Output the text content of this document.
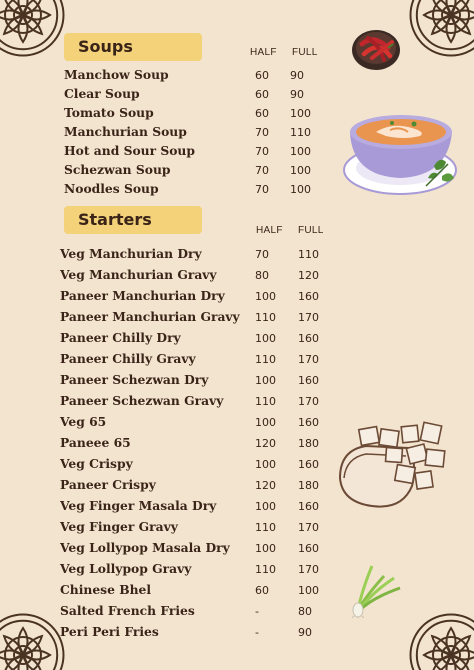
Soups	HALF FULL
Manchow Soup	60 90
Clear Soup	60 90
Tomato Soup	60 100
Manchurian Soup	70 110
Hot and Sour Soup	70 100
Schezwan Soup	70 100
Noodles Soup	70 100
Starters
HALF FULL
Veg Manchurian Dry	70	110
Veg Manchurian Gravy	80	120
Paneer Manchurian Dry	100 160
Paneer Manchurian Gravy 110 170
Paneer Chilly Dry	100 160
Paneer Chilly Gravy	110 170
Paneer Schezwan Dry	100 160
Paneer Schezwan Gravy	110 170
Veg 65	100 160
Paneee 65	120 180
Veg Crispy	100 160
Paneer Crispy	120 180
Veg Finger Masala Dry	100 160
Veg Finger Gravy	110 170
Veg Lollypop Masala Dry 100 160
Veg Lollypop Gravy	110 170
Chinese Bhel	60	100
Salted French Fries	-	80
Peri Peri Fries	-	90
